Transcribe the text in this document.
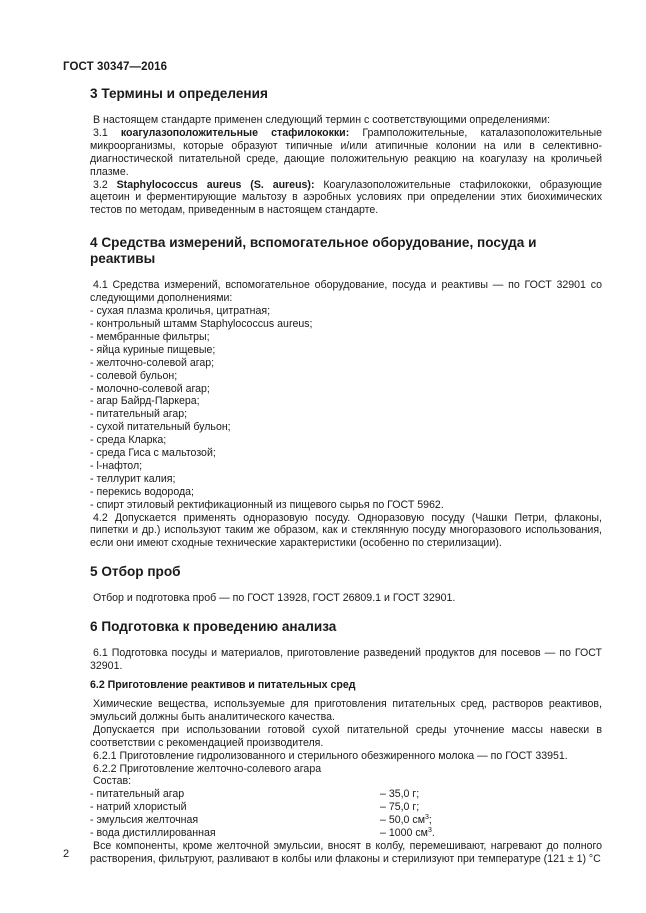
ГОСТ 30347—2016
3 Термины и определения

В настоящем стандарте применен следующий термин с соответствующими определениями:

3.1 коагулазоположительные стафилококки: Грамположительные, каталазоположительные микроорганизмы, которые образуют типичные и/или атипичные колонии на или в селективно-диагностической питательной среде, дающие положительную реакцию на коагулазу на кроличьей плазме.

3.2 Staphylococcus aureus (S. aureus): Коагулазоположительные стафилококки, образующие ацетоин и ферментирующие мальтозу в аэробных условиях при определении этих биохимических тестов по методам, приведенным в настоящем стандарте.

4 Средства измерений, вспомогательное оборудование, посуда и реактивы

4.1 Средства измерений, вспомогательное оборудование, посуда и реактивы — по ГОСТ 32901 со следующими дополнениями:

- сухая плазма кроличья, цитратная;
- контрольный штамм Staphylococcus aureus;
- мембранные фильтры;
- яйца куриные пищевые;
- желточно-солевой агар;
- солевой бульон;
- молочно-солевой агар;
- агар Байрд-Паркера;
- питательный агар;
- сухой питательный бульон;
- среда Кларка;
- среда Гиса с мальтозой;
- l-нафтол;
- теллурит калия;
- перекись водорода;
- спирт этиловый ректификационный из пищевого сырья по ГОСТ 5962.

4.2 Допускается применять одноразовую посуду. Одноразовую посуду (Чашки Петри, флаконы, пипетки и др.) используют таким же образом, как и стеклянную посуду многоразового использования, если они имеют сходные технические характеристики (особенно по стерилизации).

5 Отбор проб

Отбор и подготовка проб — по ГОСТ 13928, ГОСТ 26809.1 и ГОСТ 32901.

6 Подготовка к проведению анализа

6.1 Подготовка посуды и материалов, приготовление разведений продуктов для посевов — по ГОСТ 32901.

6.2 Приготовление реактивов и питательных сред

Химические вещества, используемые для приготовления питательных сред, растворов реактивов, эмульсий должны быть аналитического качества.

Допускается при использовании готовой сухой питательной среды уточнение массы навески в соответствии с рекомендацией производителя.

6.2.1 Приготовление гидролизованного и стерильного обезжиренного молока — по ГОСТ 33951.

6.2.2 Приготовление желточно-солевого агара

Состав:

- питательный агар	– 35,0 г;
- натрий хлористый	– 75,0 г;
- эмульсия желточная	– 50,0 $см^3$;
- вода дистиллированная	– 1000 $см^3$.

Все компоненты, кроме желточной эмульсии, вносят в колбу, перемешивают, нагревают до полного растворения, фильтруют, разливают в колбы или флаконы и стерилизуют при температуре (121 ± 1) °С

2
